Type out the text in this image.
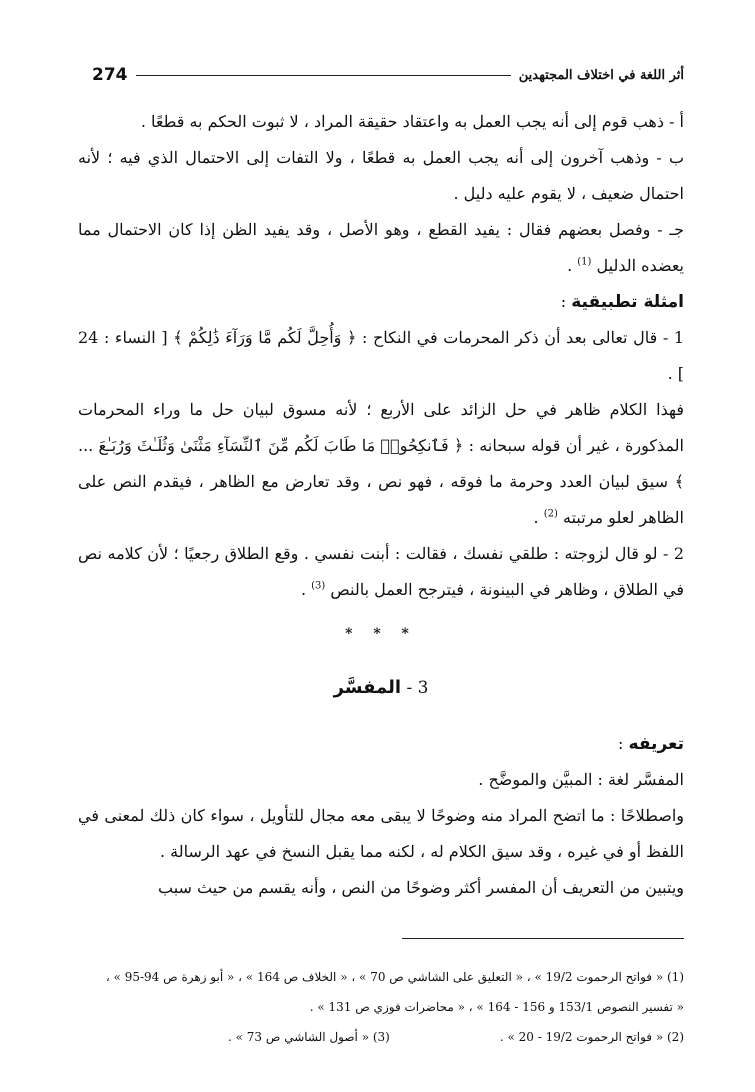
274	أثر اللغة في اختلاف المجتهدين

أ - ذهب قوم إلى أنه يجب العمل به واعتقاد حقيقة المراد ، لا ثبوت الحكم به قطعًا .

ب - وذهب آخرون إلى أنه يجب العمل به قطعًا ، ولا التفات إلى الاحتمال الذي فيه ؛ لأنه احتمال ضعيف ، لا يقوم عليه دليل .

جـ - وفصل بعضهم فقال : يفيد القطع ، وهو الأصل ، وقد يفيد الظن إذا كان الاحتمال مما يعضده الدليل $^{(1)}$ .

امثلة تطبيقية :

1 - قال تعالى بعد أن ذكر المحرمات في النكاح : ﴿ وَأُحِلَّ لَكُم مَّا وَرَآءَ ذَٰلِكُمْ ﴾ [ النساء : 24 ] .

فهذا الكلام ظاهر في حل الزائد على الأربع ؛ لأنه مسوق لبيان حل ما وراء المحرمات المذكورة ، غير أن قوله سبحانه : ﴿ فَٱنكِحُوا۟ مَا طَابَ لَكُم مِّنَ ٱلنِّسَآءِ مَثْنَىٰ وَثُلَـٰثَ وَرُبَـٰعَ ... ﴾ سيق لبيان العدد وحرمة ما فوقه ، فهو نص ، وقد تعارض مع الظاهر ، فيقدم النص على الظاهر لعلو مرتبته $^{(2)}$ .

2 - لو قال لزوجته : طلقي نفسك ، فقالت : أبنت نفسي . وقع الطلاق رجعيًا ؛ لأن كلامه نص في الطلاق ، وظاهر في البينونة ، فيترجح العمل بالنص $^{(3)}$ .

* * *
3 - المفسَّر

تعريفه :

المفسَّر لغة : المبيَّن والموضَّح .

واصطلاحًا : ما اتضح المراد منه وضوحًا لا يبقى معه مجال للتأويل ، سواء كان ذلك لمعنى في اللفظ أو في غيره ، وقد سيق الكلام له ، لكنه مما يقبل النسخ في عهد الرسالة .

ويتبين من التعريف أن المفسر أكثر وضوحًا من النص ، وأنه يقسم من حيث سبب

(1) « فواتح الرحموت 19/2 » ، « التعليق على الشاشي ص 70 » ، « الخلاف ص 164 » ، « أبو زهرة ص 94-95 » ،
« تفسير النصوص 153/1 و 156 - 164 » ، « محاضرات فوزي ص 131 » .
(2) « فواتح الرحموت 19/2 - 20 » .
(3) « أصول الشاشي ص 73 » .
